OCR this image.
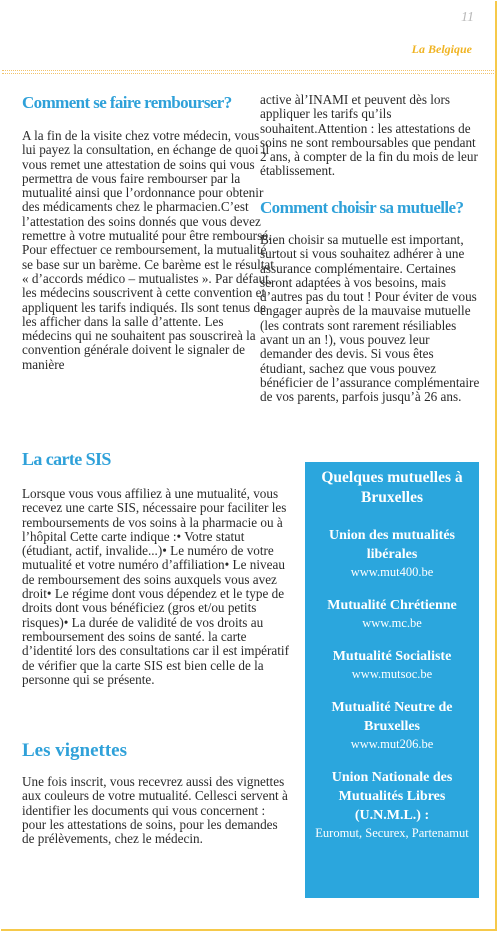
11
La Belgique
Comment se faire rembourser?

A la fin de la visite chez votre médecin, vous lui payez la consultation, en échange de quoi il vous remet une attestation de soins qui vous permettra de vous faire rembourser par la mutualité ainsi que l’ordonnance pour obtenir des médicaments chez le pharmacien.C’est l’attestation des soins donnés que vous devez remettre à votre mutualité pour être remboursé. Pour effectuer ce remboursement, la mutualité se base sur un barème. Ce barème est le résultat « d’accords médico – mutualistes ». Par défaut, les médecins souscrivent à cette convention et appliquent les tarifs indiqués. Ils sont tenus de les afficher dans la salle d’attente. Les médecins qui ne souhaitent pas souscrireà la convention générale doivent le signaler de manière

active àl’INAMI et peuvent dès lors appliquer les tarifs qu’ils souhaitent.Attention : les attestations de soins ne sont remboursables que pendant 2 ans, à compter de la fin du mois de leur établissement.

Comment choisir sa mutuelle?

Bien choisir sa mutuelle est important, surtout si vous souhaitez adhérer à une assurance complémentaire. Certaines seront adaptées à vos besoins, mais d’autres pas du tout ! Pour éviter de vous engager auprès de la mauvaise mutuelle (les contrats sont rarement résiliables avant un an !), vous pouvez leur demander des devis. Si vous êtes étudiant, sachez que vous pouvez bénéficier de l’assurance complémentaire de vos parents, parfois jusqu’à 26 ans.

La carte SIS

Lorsque vous vous affiliez à une mutualité, vous recevez une carte SIS, nécessaire pour faciliter les remboursements de vos soins à la pharmacie ou à l’hôpital Cette carte indique :• Votre statut (étudiant, actif, invalide...)• Le numéro de votre mutualité et votre numéro d’affiliation• Le niveau de remboursement des soins auxquels vous avez droit• Le régime dont vous dépendez et le type de droits dont vous bénéficiez (gros et/ou petits risques)• La durée de validité de vos droits au remboursement des soins de santé. la carte d’identité lors des consultations car il est impératif de vérifier que la carte SIS est bien celle de la personne qui se présente.

Les vignettes

Une fois inscrit, vous recevrez aussi des vignettes aux couleurs de votre mutualité. Cellesci servent à identifier les documents qui vous concernent : pour les attestations de soins, pour les demandes de prélèvements, chez le médecin.

Quelques mutuelles à Bruxelles
Union des mutualités libérales
www.mut400.be
Mutualité Chrétienne
www.mc.be
Mutualité Socialiste
www.mutsoc.be
Mutualité Neutre de Bruxelles
www.mut206.be
Union Nationale des Mutualités Libres (U.N.M.L.) :
Euromut, Securex, Partenamut
